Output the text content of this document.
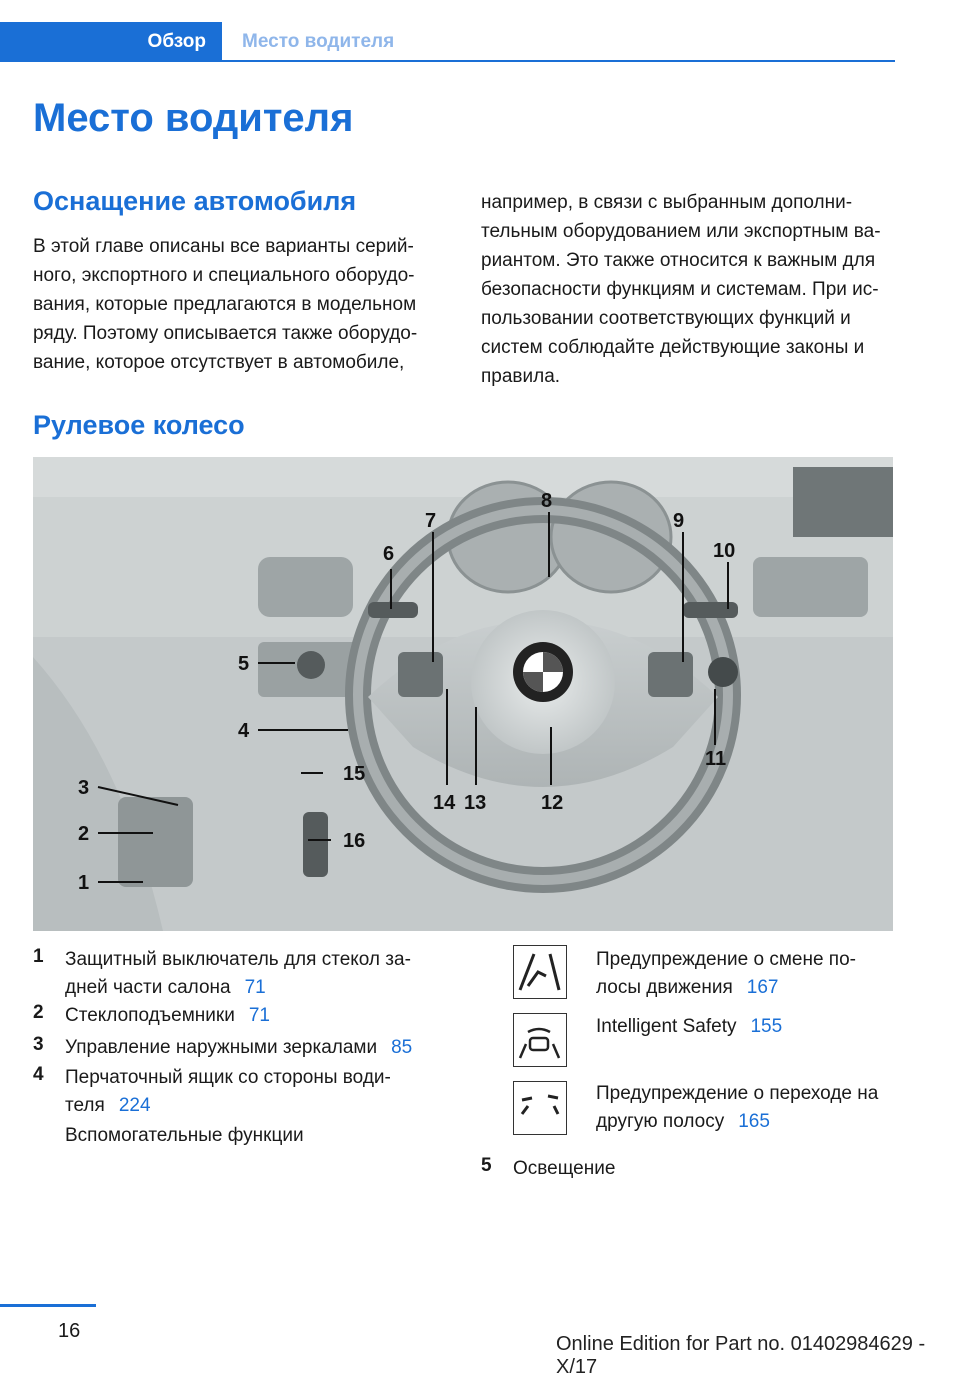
Обзор	Место водителя
Место водителя
Оснащение автомобиля
В этой главе описаны все варианты серий-
ного, экспортного и специального оборудо-
вания, которые предлагаются в модельном
ряду. Поэтому описывается также оборудо-
вание, которое отсутствует в автомобиле,
например, в связи с выбранным дополни-
тельным оборудованием или экспортным ва-
риантом. Это также относится к важным для
безопасности функциям и системам. При ис-
пользовании соответствующих функций и
систем соблюдайте действующие законы и
правила.
Рулевое колесо
1
2
3
4
5
6
7
8
9
10
11
12
13
14
15
16
1 Защитный выключатель для стекол за-
дней части салона 71
2 Стеклоподъемники 71
3 Управление наружными зеркалами 85
4 Перчаточный ящик со стороны води-
теля 224
Вспомогательные функции
Предупреждение о смене по-
лосы движения 167
Intelligent Safety 155
Предупреждение о переходе на
другую полосу 165
5 Освещение
16
Online Edition for Part no. 01402984629 - X/17
